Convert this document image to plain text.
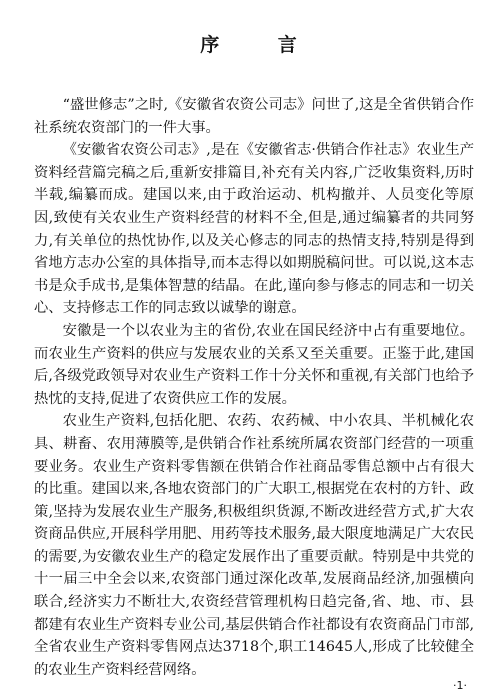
序 言

“盛世修志”之时,《安徽省农资公司志》问世了,这是全省供销合作社系统农资部门的一件大事。

《安徽省农资公司志》,是在《安徽省志·供销合作社志》农业生产资料经营篇完稿之后,重新安排篇目,补充有关内容,广泛收集资料,历时半载,编纂而成。建国以来,由于政治运动、机构撤并、人员变化等原因,致使有关农业生产资料经营的材料不全,但是,通过编纂者的共同努力,有关单位的热忱协作,以及关心修志的同志的热情支持,特别是得到省地方志办公室的具体指导,而本志得以如期脱稿问世。可以说,这本志书是众手成书,是集体智慧的结晶。在此,谨向参与修志的同志和一切关心、支持修志工作的同志致以诚挚的谢意。

安徽是一个以农业为主的省份,农业在国民经济中占有重要地位。而农业生产资料的供应与发展农业的关系又至关重要。正鉴于此,建国后,各级党政领导对农业生产资料工作十分关怀和重视,有关部门也给予热忱的支持,促进了农资供应工作的发展。

农业生产资料,包括化肥、农药、农药械、中小农具、半机械化农具、耕畜、农用薄膜等,是供销合作社系统所属农资部门经营的一项重要业务。农业生产资料零售额在供销合作社商品零售总额中占有很大的比重。建国以来,各地农资部门的广大职工,根据党在农村的方针、政策,坚持为发展农业生产服务,积极组织货源,不断改进经营方式,扩大农资商品供应,开展科学用肥、用药等技术服务,最大限度地满足广大农民的需要,为安徽农业生产的稳定发展作出了重要贡献。特别是中共党的十一届三中全会以来,农资部门通过深化改革,发展商品经济,加强横向联合,经济实力不断壮大,农资经营管理机构日趋完备,省、地、市、县都建有农业生产资料专业公司,基层供销合作社都设有农资商品门市部,全省农业生产资料零售网点达3718个,职工14645人,形成了比较健全的农业生产资料经营网络。

·1·
